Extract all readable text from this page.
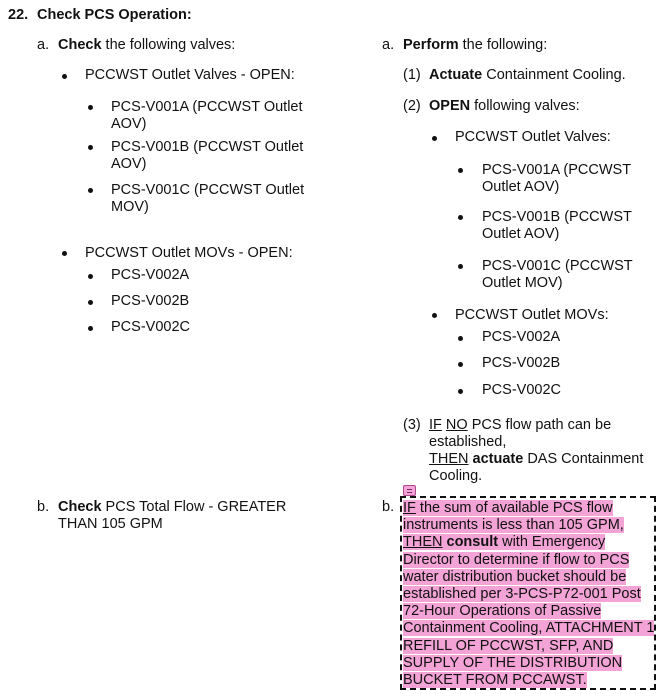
22. Check PCS Operation:
a. Check the following valves:
PCCWST Outlet Valves - OPEN:
PCS-V001A (PCCWST Outlet AOV)
PCS-V001B (PCCWST Outlet AOV)
PCS-V001C (PCCWST Outlet MOV)
PCCWST Outlet MOVs - OPEN:
PCS-V002A
PCS-V002B
PCS-V002C
b. Check PCS Total Flow - GREATER THAN 105 GPM
a. Perform the following:
(1) Actuate Containment Cooling.
(2) OPEN following valves:
PCCWST Outlet Valves:
PCS-V001A (PCCWST Outlet AOV)
PCS-V001B (PCCWST Outlet AOV)
PCS-V001C (PCCWST Outlet MOV)
PCCWST Outlet MOVs:
PCS-V002A
PCS-V002B
PCS-V002C
(3) IF NO PCS flow path can be established,
THEN actuate DAS Containment Cooling.
b. IF the sum of available PCS flow instruments is less than 105 GPM, THEN consult with Emergency Director to determine if flow to PCS water distribution bucket should be established per 3-PCS-P72-001 Post 72-Hour Operations of Passive Containment Cooling, ATTACHMENT 1 REFILL OF PCCWST, SFP, AND SUPPLY OF THE DISTRIBUTION BUCKET FROM PCCAWST.
